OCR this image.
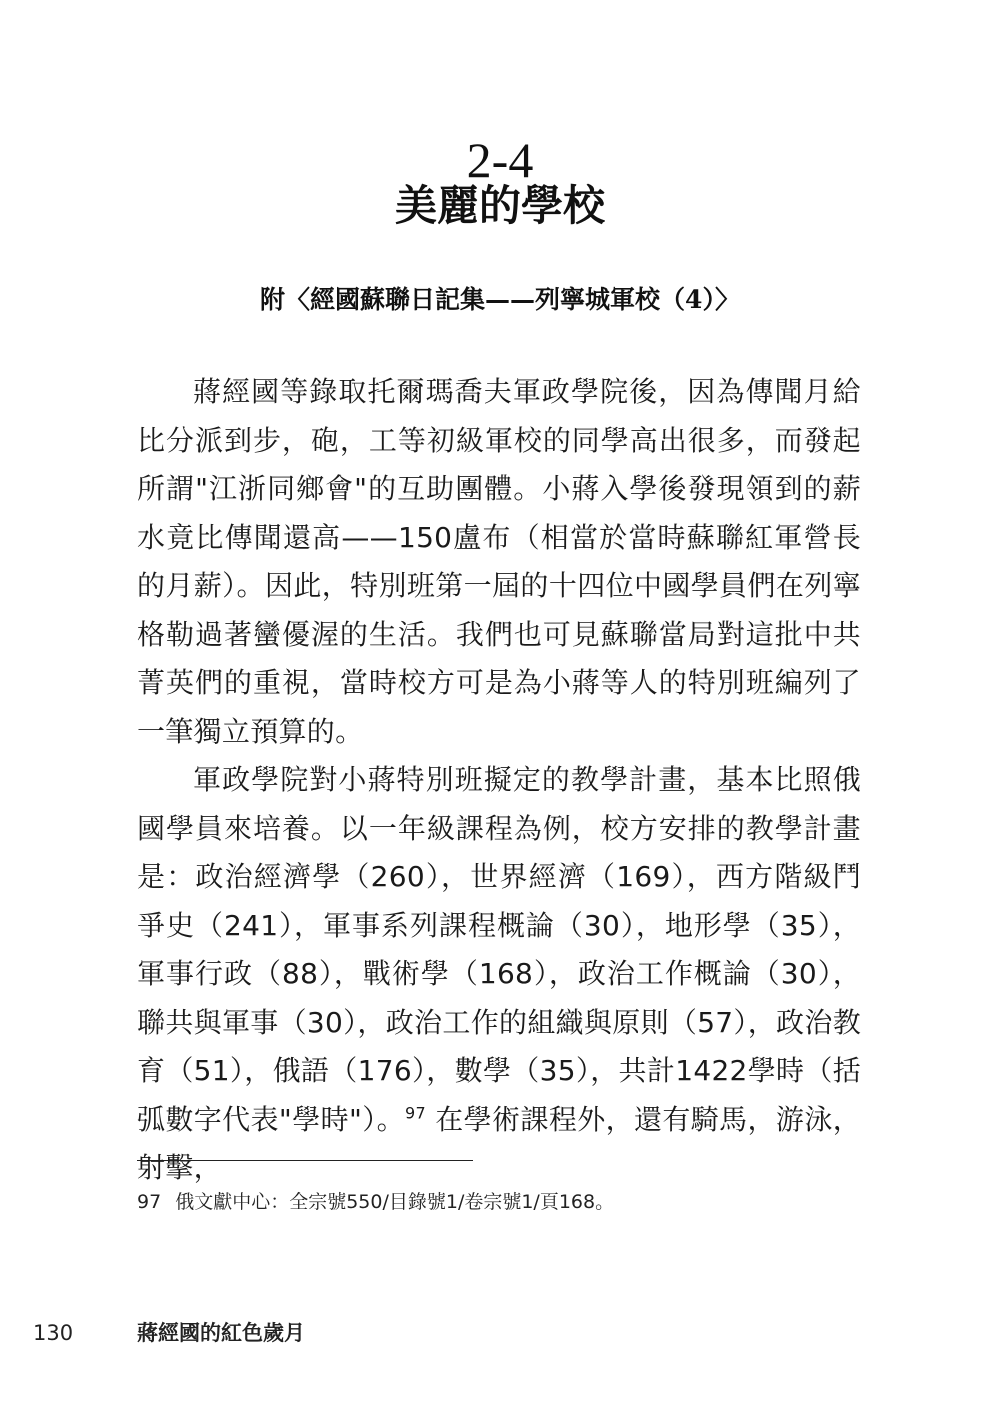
2-4
美麗的學校
附〈經國蘇聯日記集——列寧城軍校（4）〉

蔣經國等錄取托爾瑪喬夫軍政學院後，因為傳聞月給比分派到步，砲，工等初級軍校的同學高出很多，而發起所謂"江浙同鄉會"的互助團體。小蔣入學後發現領到的薪水竟比傳聞還高——150盧布（相當於當時蘇聯紅軍營長的月薪）。因此，特別班第一屆的十四位中國學員們在列寧格勒過著蠻優渥的生活。我們也可見蘇聯當局對這批中共菁英們的重視，當時校方可是為小蔣等人的特別班編列了一筆獨立預算的。

軍政學院對小蔣特別班擬定的教學計畫，基本比照俄國學員來培養。以一年級課程為例，校方安排的教學計畫是：政治經濟學（260），世界經濟（169），西方階級鬥爭史（241），軍事系列課程概論（30），地形學（35），軍事行政（88），戰術學（168），政治工作概論（30），聯共與軍事（30），政治工作的組織與原則（57），政治教育（51），俄語（176），數學（35），共計1422學時（括弧數字代表"學時"）。$^{97}$ 在學術課程外，還有騎馬，游泳，射擊，

97 俄文獻中心：全宗號550/目錄號1/卷宗號1/頁168。
130	蔣經國的紅色歲月
